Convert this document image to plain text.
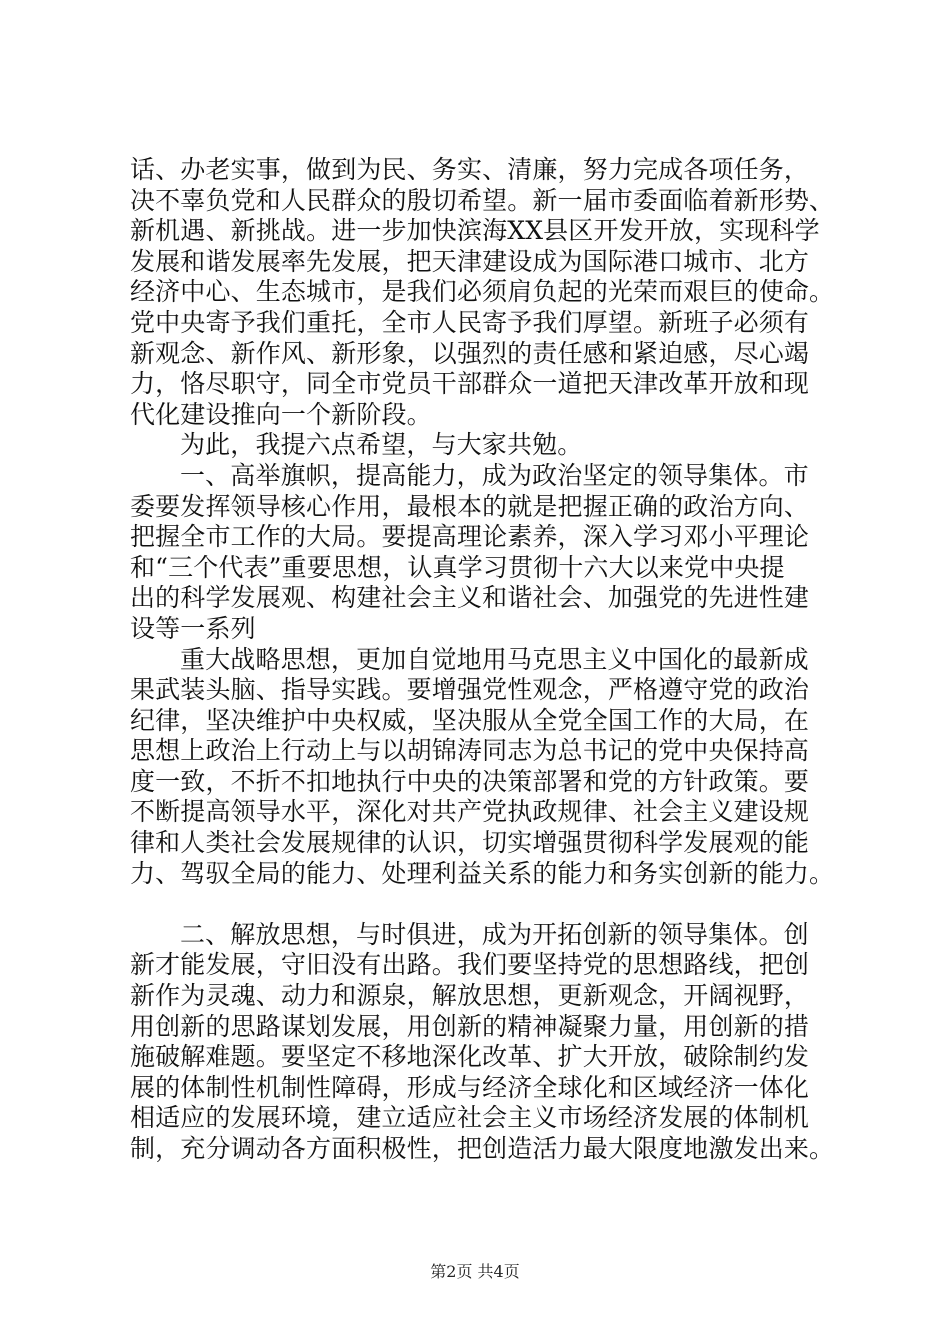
话、办老实事，做到为民、务实、清廉，努力完成各项任务，
决不辜负党和人民群众的殷切希望。新一届市委面临着新形势、
新机遇、新挑战。进一步加快滨海XX县区开发开放，实现科学
发展和谐发展率先发展，把天津建设成为国际港口城市、北方
经济中心、生态城市，是我们必须肩负起的光荣而艰巨的使命。
党中央寄予我们重托，全市人民寄予我们厚望。新班子必须有
新观念、新作风、新形象，以强烈的责任感和紧迫感，尽心竭
力，恪尽职守，同全市党员干部群众一道把天津改革开放和现
代化建设推向一个新阶段。
为此，我提六点希望，与大家共勉。
一、高举旗帜，提高能力，成为政治坚定的领导集体。市
委要发挥领导核心作用，最根本的就是把握正确的政治方向、
把握全市工作的大局。要提高理论素养，深入学习邓小平理论
和“三个代表”重要思想，认真学习贯彻十六大以来党中央提
出的科学发展观、构建社会主义和谐社会、加强党的先进性建
设等一系列
重大战略思想，更加自觉地用马克思主义中国化的最新成
果武装头脑、指导实践。要增强党性观念，严格遵守党的政治
纪律，坚决维护中央权威，坚决服从全党全国工作的大局，在
思想上政治上行动上与以胡锦涛同志为总书记的党中央保持高
度一致，不折不扣地执行中央的决策部署和党的方针政策。要
不断提高领导水平，深化对共产党执政规律、社会主义建设规
律和人类社会发展规律的认识，切实增强贯彻科学发展观的能
力、驾驭全局的能力、处理利益关系的能力和务实创新的能力。
二、解放思想，与时俱进，成为开拓创新的领导集体。创
新才能发展，守旧没有出路。我们要坚持党的思想路线，把创
新作为灵魂、动力和源泉，解放思想，更新观念，开阔视野，
用创新的思路谋划发展，用创新的精神凝聚力量，用创新的措
施破解难题。要坚定不移地深化改革、扩大开放，破除制约发
展的体制性机制性障碍，形成与经济全球化和区域经济一体化
相适应的发展环境，建立适应社会主义市场经济发展的体制机
制，充分调动各方面积极性，把创造活力最大限度地激发出来。
第2页 共4页
